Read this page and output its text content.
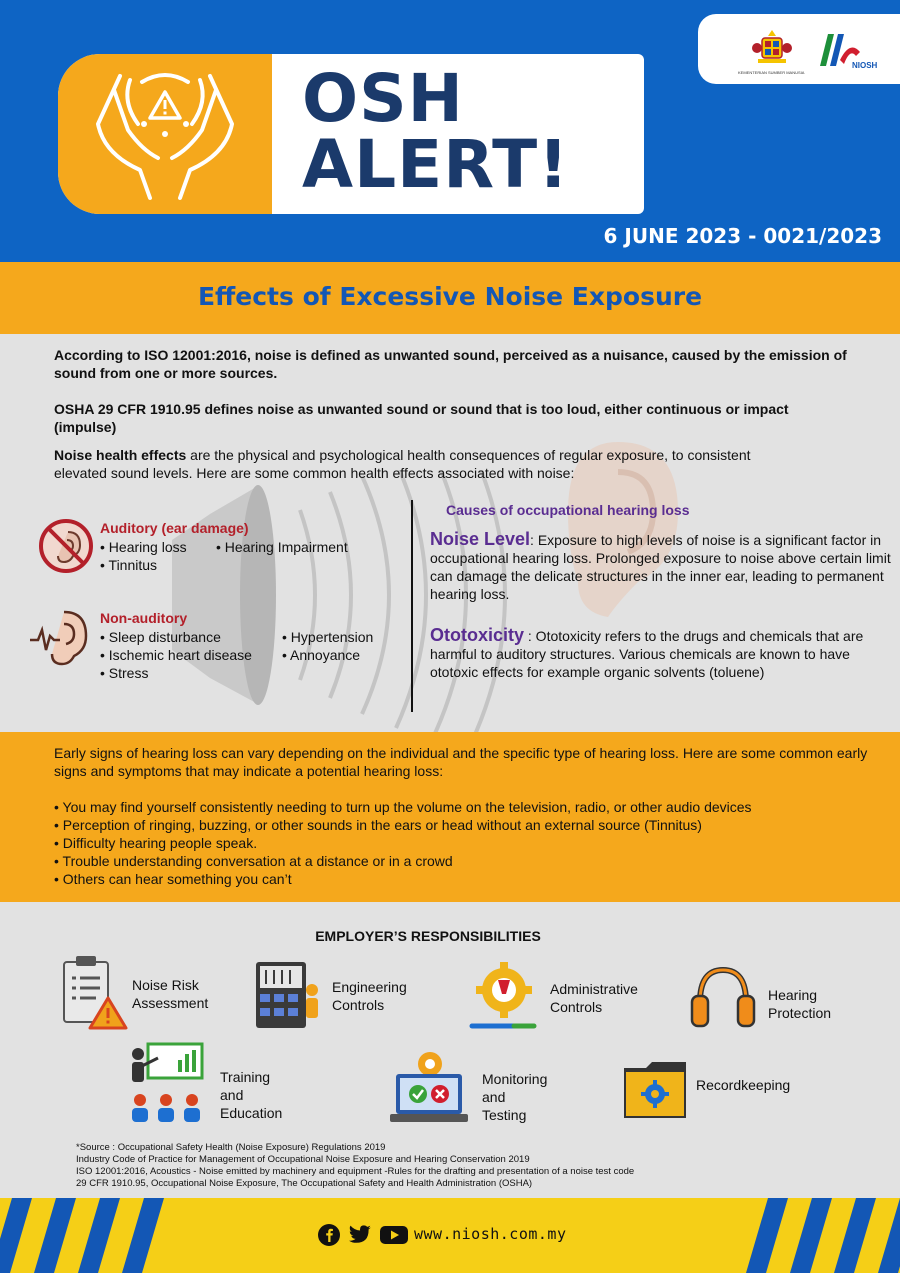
KEMENTERIAN SUMBER MANUSIA
NIOSH
OSH
ALERT!
6 JUNE 2023 - 0021/2023
Effects of Excessive Noise Exposure
According to ISO 12001:2016, noise is defined as unwanted sound, perceived as a nuisance, caused by the emission of sound from one or more sources.
OSHA 29 CFR 1910.95 defines noise as unwanted sound or sound that is too loud, either continuous or impact (impulse)
Noise health effects are the physical and psychological health consequences of regular exposure, to consistent elevated sound levels. Here are some common health effects associated with noise:
Auditory (ear damage)
• Hearing loss • Hearing Impairment
• Tinnitus
Non-auditory
• Sleep disturbance	• Hypertension
• Ischemic heart disease • Annoyance
• Stress
Causes of occupational hearing loss
Noise Level: Exposure to high levels of noise is a significant factor in occupational hearing loss. Prolonged exposure to noise above certain limit can damage the delicate structures in the inner ear, leading to permanent hearing loss.
Ototoxicity : Ototoxicity refers to the drugs and chemicals that are harmful to auditory structures. Various chemicals are known to have ototoxic effects for example organic solvents (toluene)
Early signs of hearing loss can vary depending on the individual and the specific type of hearing loss. Here are some common early signs and symptoms that may indicate a potential hearing loss:
• You may find yourself consistently needing to turn up the volume on the television, radio, or other audio devices
• Perception of ringing, buzzing, or other sounds in the ears or head without an external source (Tinnitus)
• Difficulty hearing people speak.
• Trouble understanding conversation at a distance or in a crowd
• Others can hear something you can’t
EMPLOYER’S RESPONSIBILITIES
Noise Risk
Assessment
Engineering
Controls
Administrative
Controls
Hearing
Protection
Training and
Education
Monitoring and
Testing
Recordkeeping
*Source : Occupational Safety Health (Noise Exposure) Regulations 2019
Industry Code of Practice for Management of Occupational Noise Exposure and Hearing Conservation 2019
ISO 12001:2016, Acoustics - Noise emitted by machinery and equipment -Rules for the drafting and presentation of a noise test code
29 CFR 1910.95, Occupational Noise Exposure, The Occupational Safety and Health Administration (OSHA)
www.niosh.com.my
